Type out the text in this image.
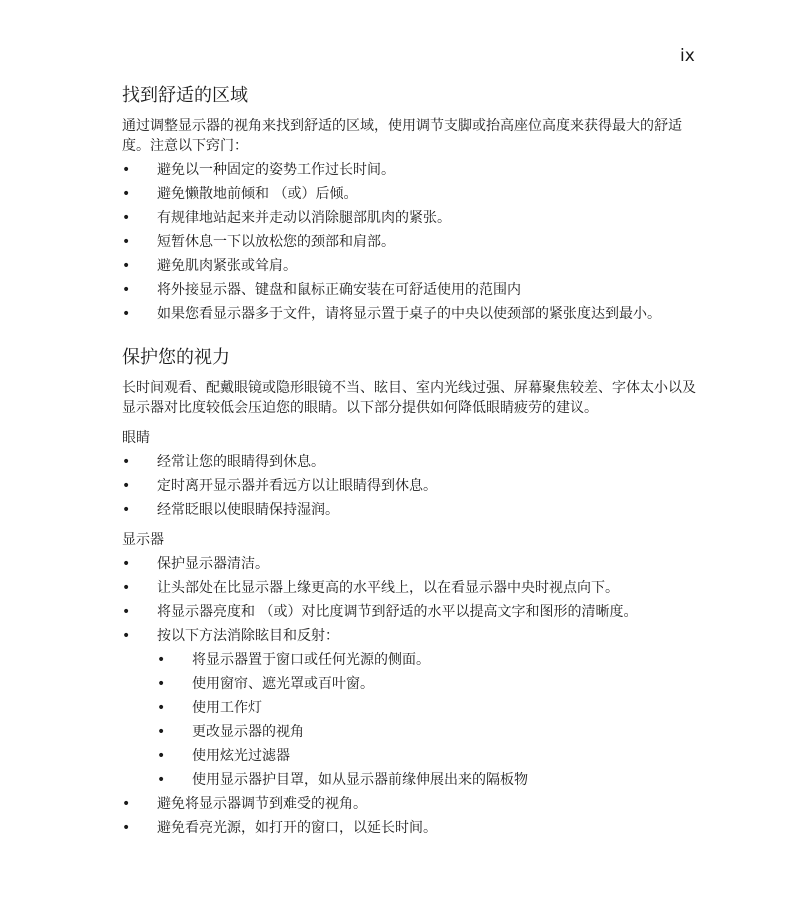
ix
找到舒适的区域

通过调整显示器的视角来找到舒适的区域，使用调节支脚或抬高座位高度来获得最大的舒适度。注意以下窍门：

•	避免以一种固定的姿势工作过长时间。
•	避免懒散地前倾和 （或）后倾。
•	有规律地站起来并走动以消除腿部肌肉的紧张。
•	短暂休息一下以放松您的颈部和肩部。
•	避免肌肉紧张或耸肩。
•	将外接显示器、键盘和鼠标正确安装在可舒适使用的范围内
•	如果您看显示器多于文件，请将显示置于桌子的中央以使颈部的紧张度达到最小。
保护您的视力

长时间观看、配戴眼镜或隐形眼镜不当、眩目、室内光线过强、屏幕聚焦较差、字体太小以及显示器对比度较低会压迫您的眼睛。以下部分提供如何降低眼睛疲劳的建议。

眼睛
•	经常让您的眼睛得到休息。
•	定时离开显示器并看远方以让眼睛得到休息。
•	经常眨眼以使眼睛保持湿润。
显示器
•	保护显示器清洁。
•	让头部处在比显示器上缘更高的水平线上，以在看显示器中央时视点向下。
•	将显示器亮度和 （或）对比度调节到舒适的水平以提高文字和图形的清晰度。
•	按以下方法消除眩目和反射：
•	将显示器置于窗口或任何光源的侧面。
•	使用窗帘、遮光罩或百叶窗。
•	使用工作灯
•	更改显示器的视角
•	使用炫光过滤器
•	使用显示器护目罩，如从显示器前缘伸展出来的隔板物
•	避免将显示器调节到难受的视角。
•	避免看亮光源，如打开的窗口，以延长时间。
